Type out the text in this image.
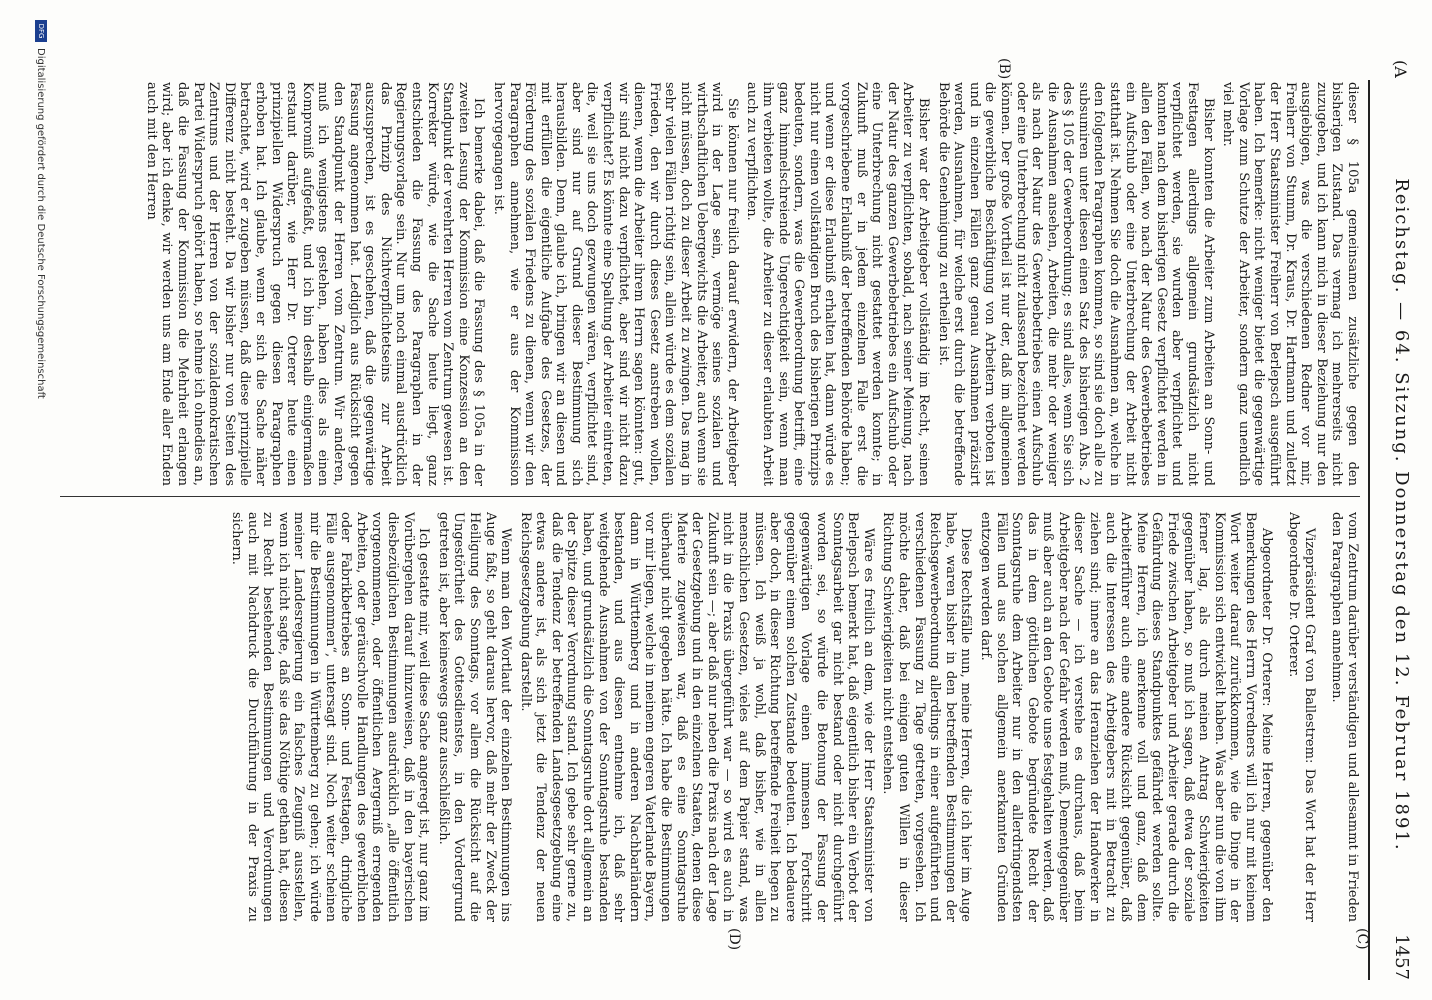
(A
Reichstag. — 64. Sitzung. Donnerstag den 12. Februar 1891.
1457

dieser § 105a gemeinsamen zusätzliche gegen den bisherigen Zustand. Das vermag ich mehrerseits nicht zuzugeben, und ich kann mich in dieser Beziehung nur den ausgiebigen, was die verschiedenen Redner vor mir, Freiherr von Stumm, Dr. Kraus, Dr. Hartmann und zuletzt der Herr Staatsminister Freiherr von Berlepsch ausgeführt haben. Ich bemerke: nicht weniger bietet die gegenwärtige Vorlage zum Schutze der Arbeiter, sondern ganz unendlich viel mehr.

Bisher konnten die Arbeiter zum Arbeiten an Sonn- und Festtagen allerdings allgemein grundsätzlich nicht verpflichtet werden, sie wurden aber verpflichtet und konnten nach dem bisherigen Gesetz verpflichtet werden in allen den Fällen, wo nach der Natur des Gewerbebetriebes ein Aufschub oder eine Unterbrechung der Arbeit nicht statthaft ist. Nehmen Sie doch die Ausnahmen an, welche in den folgenden Paragraphen kommen, so sind sie doch alle zu subsumiren unter diesen einen Satz des bisherigen Abs. 2 des § 105 der Gewerbeordnung; es sind alles, wenn Sie sich die Ausnahmen ansehen, Arbeiten, die mehr oder weniger als nach der Natur des Gewerbebetriebes einen Aufschub oder eine Unterbrechung nicht zulassend bezeichnet werden können. Der große Vortheil ist nur der, daß im allgemeinen die gewerbliche Beschäftigung von Arbeitern verboten ist und in einzelnen Fällen ganz genau Ausnahmen präzisirt werden, Ausnahmen, für welche erst durch die betreffende Behörde die Genehmigung zu ertheilen ist.

Bisher war der Arbeitgeber vollständig im Recht, seinen Arbeiter zu verpflichten, sobald, nach seiner Meinung, nach der Natur des ganzen Gewerbebetriebes ein Aufschub oder eine Unterbrechung nicht gestattet werden konnte; in Zukunft muß er in jedem einzelnen Falle erst die vorgeschriebene Erlaubniß der betreffenden Behörde haben; und wenn er diese Erlaubniß erhalten hat, dann würde es nicht nur einen vollständigen Bruch des bisherigen Prinzips bedeuten, sondern, was die Gewerbeordnung betrifft, eine ganz himmelschreiende Ungerechtigkeit sein, wenn man ihm verbieten wollte, die Arbeiter zu dieser erlaubten Arbeit auch zu verpflichten.

Sie können nur freilich darauf erwidern, der Arbeitgeber wird in der Lage sein, vermöge seines sozialen und wirthschaftlichen Uebergewichts die Arbeiter, auch wenn sie nicht müssen, doch zu dieser Arbeit zu zwingen. Das mag in sehr vielen Fällen richtig sein, allein würde es dem sozialen Frieden, den wir durch dieses Gesetz anstreben wollen, dienen, wenn die Arbeiter ihrem Herrn sagen könnten: gut, wir sind nicht dazu verpflichtet, aber sind wir nicht dazu verpflichtet? Es könnte eine Spaltung der Arbeiter eintreten, die, weil sie uns doch gezwungen wären, verpflichtet sind, aber sind nur auf Grund dieser Bestimmung sich herausbilden. Denn, glaube ich, bringen wir an diesen und mit erfüllen die eigentliche Aufgabe des Gesetzes, der Förderung des sozialen Friedens zu dienen, wenn wir den Paragraphen annehmen, wie er aus der Kommission hervorgegangen ist.

Ich bemerke dabei, daß die Fassung des § 105a in der zweiten Lesung der Kommission eine Konzession an den Standpunkt der verehrten Herren vom Zentrum gewesen ist. Korrekter würde, wie die Sache heute liegt, ganz entschieden die Fassung des Paragraphen in der Regierungsvorlage sein. Nur um noch einmal ausdrücklich das Prinzip des Nichtverpflichtetseins zur Arbeit auszusprechen, ist es geschehen, daß die gegenwärtige Fassung angenommen hat. Lediglich aus Rücksicht gegen den Standpunkt der Herren vom Zentrum. Wir anderen, muß ich wenigstens gestehen, haben dies als einen Kompromiß aufgefaßt, und ich bin deshalb einigermaßen erstaunt darüber, wie Herr Dr. Orterer heute einen prinzipiellen Widerspruch gegen diesen Paragraphen erhoben hat. Ich glaube, wenn er sich die Sache näher betrachtet, wird er zugeben müssen, daß diese prinzipielle Differenz nicht besteht. Da wir bisher nur von Seiten des Zentrums und der Herren von der sozialdemokratischen Partei Widerspruch gehört haben, so nehme ich ohnedies an, daß die Fassung der Kommission die Mehrheit erlangen wird; aber ich denke, wir werden uns am Ende aller Enden auch mit den Herren

vom Zentrum darüber verständigen und allesammt in Frieden den Paragraphen annehmen.

Vizepräsident Graf von Ballestrem: Das Wort hat der Herr Abgeordnete Dr. Orterer.

Abgeordneter Dr. Orterer: Meine Herren, gegenüber den Bemerkungen des Herrn Vorredners will ich nur mit keinem Wort weiter darauf zurückkommen, wie die Dinge in der Kommission sich entwickelt haben. Was aber nun die von ihm ferner lag, als durch meinen Antrag Schwierigkeiten gegenüber haben, so muß ich sagen, daß etwa der soziale Friede zwischen Arbeitgeber und Arbeiter gerade durch die Gefährdung dieses Standpunktes gefährdet werden sollte. Meine Herren, ich anerkenne voll und ganz, daß dem Arbeiterführer auch eine andere Rücksicht gegenüber, daß auch die Interessen des Arbeitgebers mit in Betracht zu ziehen sind; innere an das Heranziehen der Handwerker in dieser Sache — ich verstehe es durchaus, daß beim Arbeitgeber nach der Gefahr werden muß, Dementgegenüber muß aber auch an den Gebote unse festgehalten werden, daß das in dem göttlichen Gebote begründete Recht der Sonntagsruhe dem Arbeiter nur in den allerdringendsten Fällen und aus solchen allgemein anerkannten Gründen entzogen werden darf.

Diese Rechtsfälle nun, meine Herren, die ich hier im Auge habe, waren bisher in den betreffenden Bestimmungen der Reichsgewerbeordnung allerdings in einer aufgeführten und verschiedenen Fassung zu Tage getreten, vorgesehen. Ich möchte daher, daß bei einigen guten Willen in dieser Richtung Schwierigkeiten nicht entstehen.

Wäre es freilich an dem, wie der Herr Staatsminister von Berlepsch bemerkt hat, daß eigentlich bisher ein Verbot der Sonntagsarbeit gar nicht bestand oder nicht durchgeführt worden sei, so würde die Betonung der Fassung der gegenwärtigen Vorlage einen immensen Fortschritt gegenüber einem solchen Zustande bedeuten. Ich bedauere aber doch, in dieser Richtung betreffende Freiheit hegen zu müssen. Ich weiß ja wohl, daß bisher, wie in allen menschlichen Gesetzen, vieles auf dem Papier stand, was nicht in die Praxis übergeführt war — so wird es auch in Zukunft sein —; aber daß nur neben die Praxis nach der Lage der Gesetzgebung und in den einzelnen Staaten, denen diese Materie zugewiesen war, daß es eine Sonntagsruhe überhaupt nicht gegeben hätte. Ich habe die Bestimmungen vor mir liegen, welche in meinem engeren Vaterlande Bayern, dann in Württemberg und in anderen Nachbarländern bestanden, und aus diesen entnehme ich, daß sehr weitgehende Ausnahmen von der Sonntagsruhe bestanden haben, und grundsätzlich die Sonntagsruhe dort allgemein an der Spitze dieser Verordnung stand. Ich gebe sehr gerne zu, daß die Tendenz der betreffenden Landesgesetzgebung eine etwas andere ist, als sich jetzt die Tendenz der neuen Reichsgesetzgebung darstellt.

Wenn man den Wortlaut der einzelnen Bestimmungen ins Auge faßt, so geht daraus hervor, daß mehr der Zweck der Heiligung des Sonntags, vor allem die Rücksicht auf die Ungestörtheit des Gottesdienstes, in den Vordergrund getreten ist, aber keineswegs ganz ausschließlich.

Ich gestatte mir, weil diese Sache angeregt ist, nur ganz im Vorübergehen darauf hinzuweisen, daß in den bayerischen diesbezüglichen Bestimmungen ausdrücklich „alle öffentlich vorgenommenen, oder öffentlichen Aergerniß erregenden Arbeiten, oder geräuschvolle Handlungen des gewerblichen oder Fabrikbetriebes an Sonn- und Festtagen, dringliche Fälle ausgenommen“, untersagt sind. Noch weiter scheinen mir die Bestimmungen in Württemberg zu gehen; ich würde meiner Landesregierung ein falsches Zeugniß ausstellen, wenn ich nicht sagte, daß sie das Nöthige gethan hat, diesen zu Recht bestehenden Bestimmungen und Verordnungen auch mit Nachdruck die Durchführung in der Praxis zu sichern.

(B)
(C)
(D)
DFG
Digitalisierung gefördert durch die Deutsche Forschungsgemeinschaft
